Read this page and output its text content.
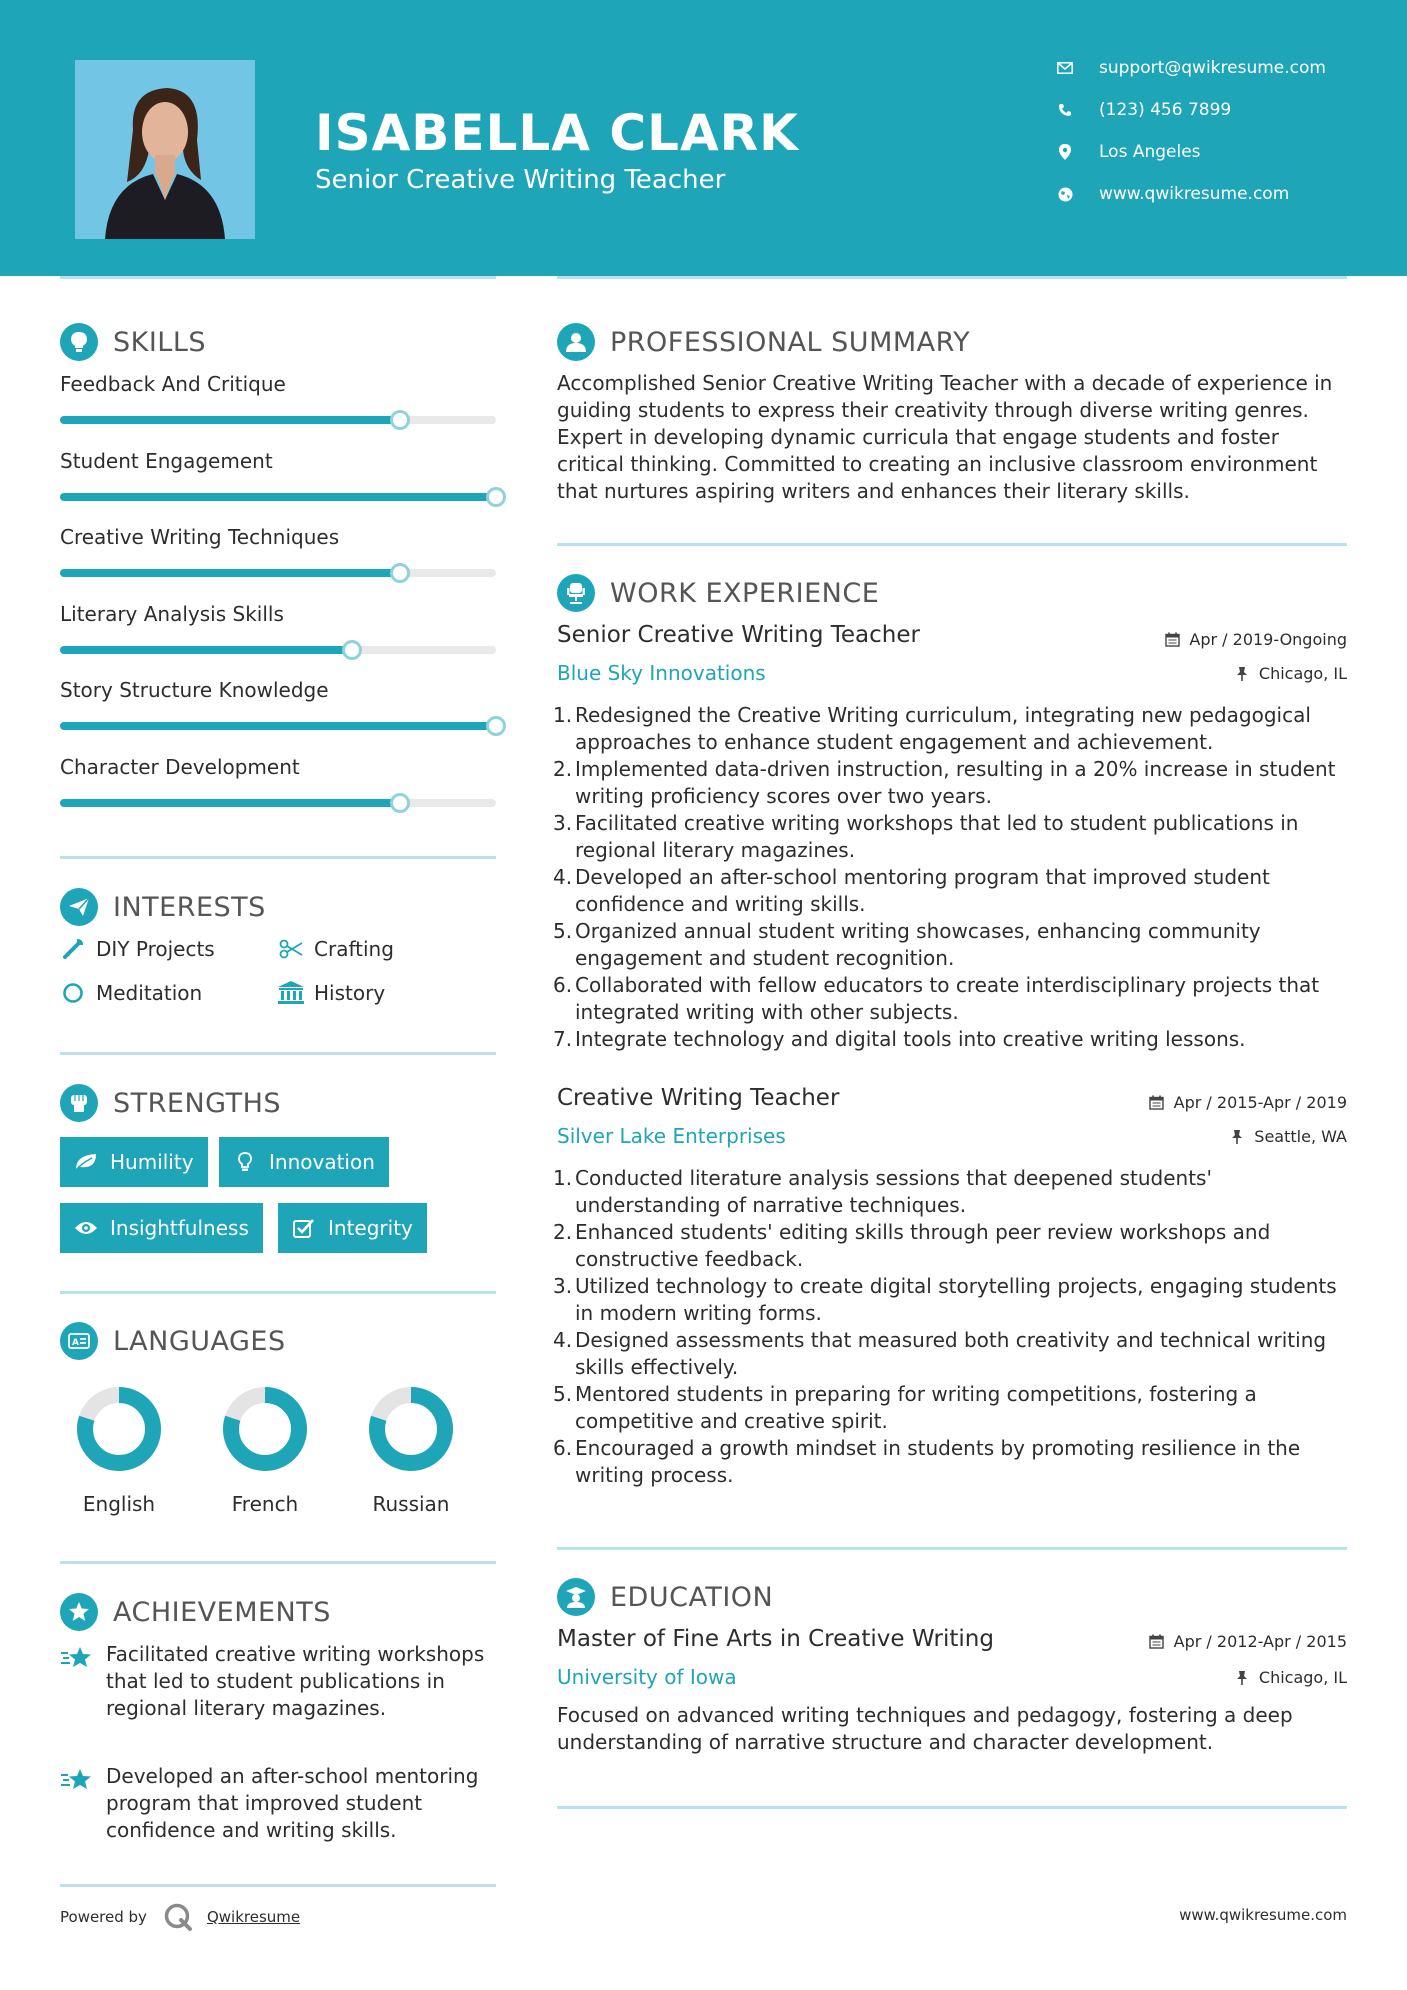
ISABELLA CLARK
Senior Creative Writing Teacher
support@qwikresume.com
(123) 456 7899
Los Angeles
www.qwikresume.com
SKILLS
Feedback And Critique
Student Engagement
Creative Writing Techniques
Literary Analysis Skills
Story Structure Knowledge
Character Development
INTERESTS
DIY Projects	Crafting
Meditation	History
STRENGTHS
Humility	Innovation
Insightfulness	Integrity
A LANGUAGES
English	French	Russian
ACHIEVEMENTS
Facilitated creative writing workshops that led to student publications in regional literary magazines.
Developed an after-school mentoring program that improved student confidence and writing skills.
PROFESSIONAL SUMMARY
Accomplished Senior Creative Writing Teacher with a decade of experience in guiding students to express their creativity through diverse writing genres. Expert in developing dynamic curricula that engage students and foster critical thinking. Committed to creating an inclusive classroom environment that nurtures aspiring writers and enhances their literary skills.
WORK EXPERIENCE
Senior Creative Writing Teacher	Apr / 2019-Ongoing
Blue Sky Innovations	Chicago, IL
1. Redesigned the Creative Writing curriculum, integrating new pedagogical approaches to enhance student engagement and achievement.
2. Implemented data-driven instruction, resulting in a 20% increase in student writing proficiency scores over two years.
3. Facilitated creative writing workshops that led to student publications in regional literary magazines.
4. Developed an after-school mentoring program that improved student confidence and writing skills.
5. Organized annual student writing showcases, enhancing community engagement and student recognition.
6. Collaborated with fellow educators to create interdisciplinary projects that integrated writing with other subjects.
7. Integrate technology and digital tools into creative writing lessons.
Creative Writing Teacher	Apr / 2015-Apr / 2019
Silver Lake Enterprises	Seattle, WA
1. Conducted literature analysis sessions that deepened students' understanding of narrative techniques.
2. Enhanced students' editing skills through peer review workshops and constructive feedback.
3. Utilized technology to create digital storytelling projects, engaging students in modern writing forms.
4. Designed assessments that measured both creativity and technical writing skills effectively.
5. Mentored students in preparing for writing competitions, fostering a competitive and creative spirit.
6. Encouraged a growth mindset in students by promoting resilience in the writing process.
EDUCATION
Master of Fine Arts in Creative Writing	Apr / 2012-Apr / 2015
University of Iowa	Chicago, IL
Focused on advanced writing techniques and pedagogy, fostering a deep understanding of narrative structure and character development.
Powered by	Qwikresume	www.qwikresume.com
